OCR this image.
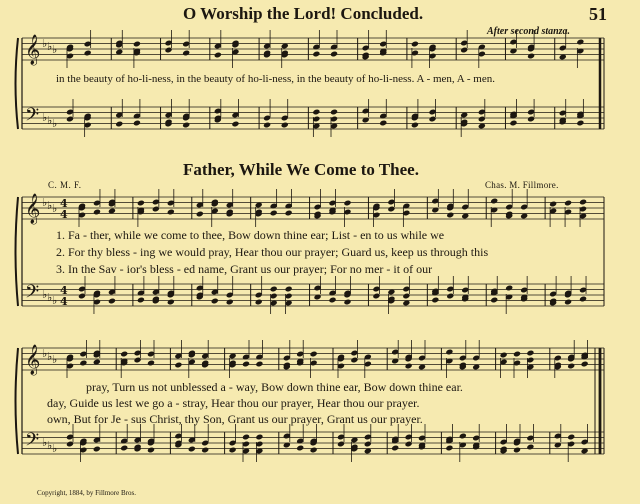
O Worship the Lord! Concluded.	51
After second stanza.
in the beauty of ho-li-ness, in the beauty of ho-li-ness, in the beauty of ho-li-ness. A - men, A - men.
Father, While We Come to Thee.
C. M. F.	Chas. M. Fillmore.
1. Fa - ther, while we come to thee, Bow down thine ear; List - en to us while we
2. For thy bless - ing we would pray, Hear thou our prayer; Guard us, keep us through this
3. In the Sav - ior's bless - ed name, Grant us our prayer; For no mer - it of our
pray, Turn us not unblessed a - way, Bow down thine ear, Bow down thine ear.
day, Guide us lest we go a - stray, Hear thou our prayer, Hear thou our prayer.
own, But for Je - sus Christ, thy Son, Grant us our prayer, Grant us our prayer.
Copyright, 1884, by Fillmore Bros.
𝄞
𝄢
♭
♭
♭
♭
♭
♭
𝄞
𝄢
♭
♭
♭
♭
♭
♭
4
4
4
4
𝄞
𝄢
♭
♭
♭
♭
♭
♭
